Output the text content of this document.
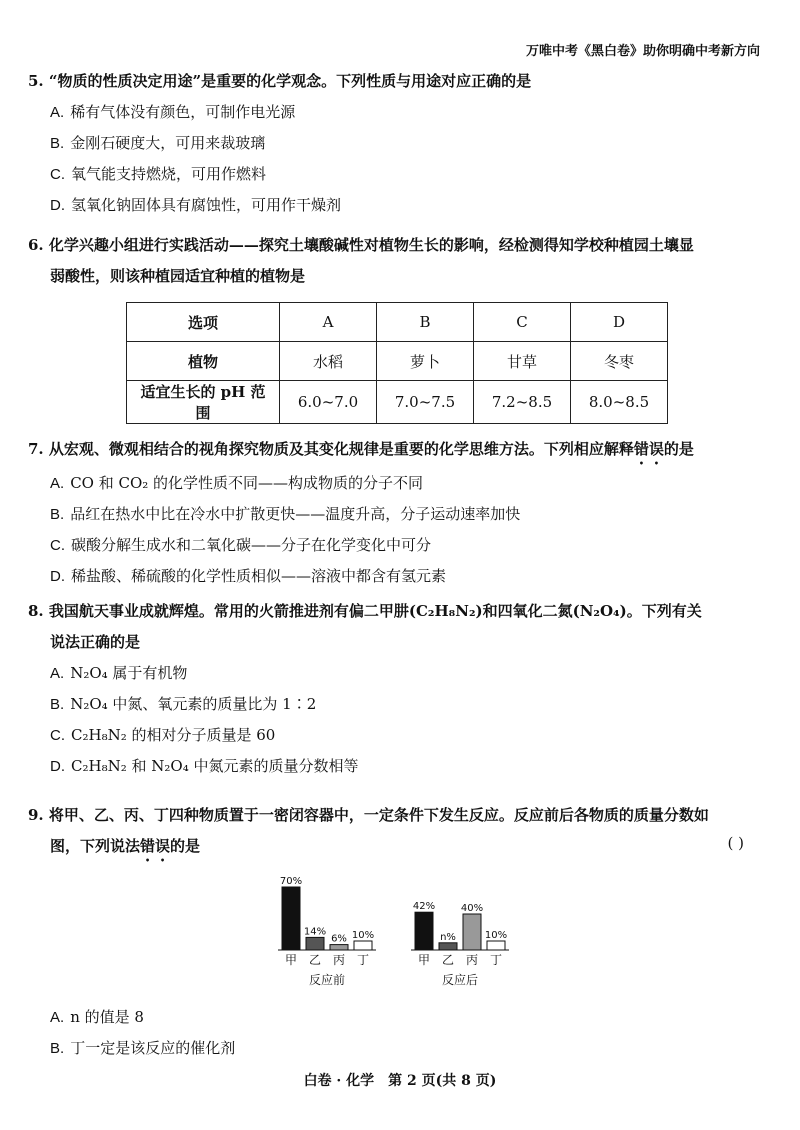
万唯中考《黑白卷》助你明确中考新方向

5. “物质的性质决定用途”是重要的化学观念。下列性质与用途对应正确的是

A. 稀有气体没有颜色，可制作电光源

B. 金刚石硬度大，可用来裁玻璃

C. 氧气能支持燃烧，可用作燃料

D. 氢氧化钠固体具有腐蚀性，可用作干燥剂

6. 化学兴趣小组进行实践活动——探究土壤酸碱性对植物生长的影响，经检测得知学校种植园土壤显

弱酸性，则该种植园适宜种植的植物是

选项	A	B	C	D
植物	水稻	萝卜	甘草	冬枣
适宜生长的 pH 范围	6.0~7.0	7.0~7.5	7.2~8.5	8.0~8.5

7. 从宏观、微观相结合的视角探究物质及其变化规律是重要的化学思维方法。下列相应解释错误的是

A. CO 和 CO₂ 的化学性质不同——构成物质的分子不同

B. 品红在热水中比在冷水中扩散更快——温度升高，分子运动速率加快

C. 碳酸分解生成水和二氧化碳——分子在化学变化中可分

D. 稀盐酸、稀硫酸的化学性质相似——溶液中都含有氢元素

8. 我国航天事业成就辉煌。常用的火箭推进剂有偏二甲肼(C₂H₈N₂)和四氧化二氮(N₂O₄)。下列有关

说法正确的是

A. N₂O₄ 属于有机物

B. N₂O₄ 中氮、氧元素的质量比为 1∶2

C. C₂H₈N₂ 的相对分子质量是 60

D. C₂H₈N₂ 和 N₂O₄ 中氮元素的质量分数相等

9. 将甲、乙、丙、丁四种物质置于一密闭容器中，一定条件下发生反应。反应前后各物质的质量分数如

图，下列说法错误的是	( )
70%
甲
14%
乙
6%
丙
10%
丁
反应前
42%
甲
n%
乙
40%
丙
10%
丁
反应后

A. n 的值是 8

B. 丁一定是该反应的催化剂

白卷 · 化学　第 2 页(共 8 页)
